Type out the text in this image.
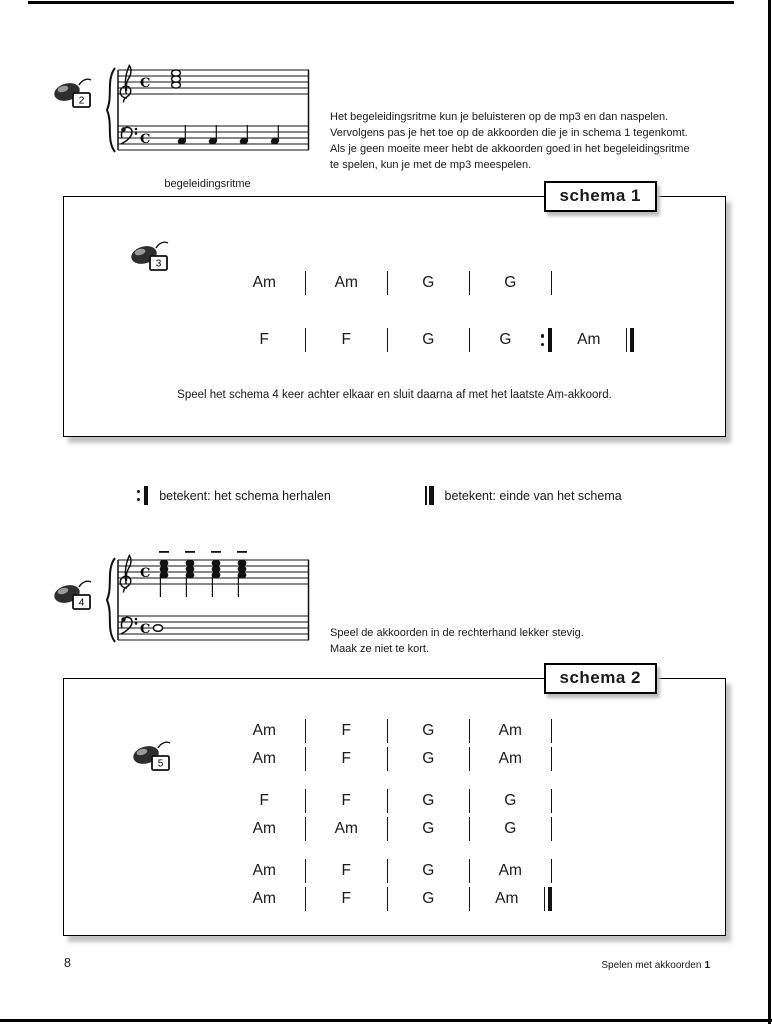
2
C
C
begeleidingsritme
Het begeleidingsritme kun je beluisteren op de mp3 en dan naspelen.
Vervolgens pas je het toe op de akkoorden die je in schema 1 tegenkomt.
Als je geen moeite meer hebt de akkoorden goed in het begeleidingsritme
te spelen, kun je met de mp3 meespelen.
schema 1
3
Am	Am	G	G
F	F	G	G	Am
Speel het schema 4 keer achter elkaar en sluit daarna af met het laatste Am-akkoord.
betekent: het schema herhalen	betekent: einde van het schema
4
C
C	Speel de akkoorden in de rechterhand lekker stevig.
Maak ze niet te kort.
schema 2
5
Am	F	G	Am
Am	F	G	Am
F	F	G	G
Am	Am	G	G
Am	F	G	Am
Am	F	G	Am
8	Spelen met akkoorden 1
